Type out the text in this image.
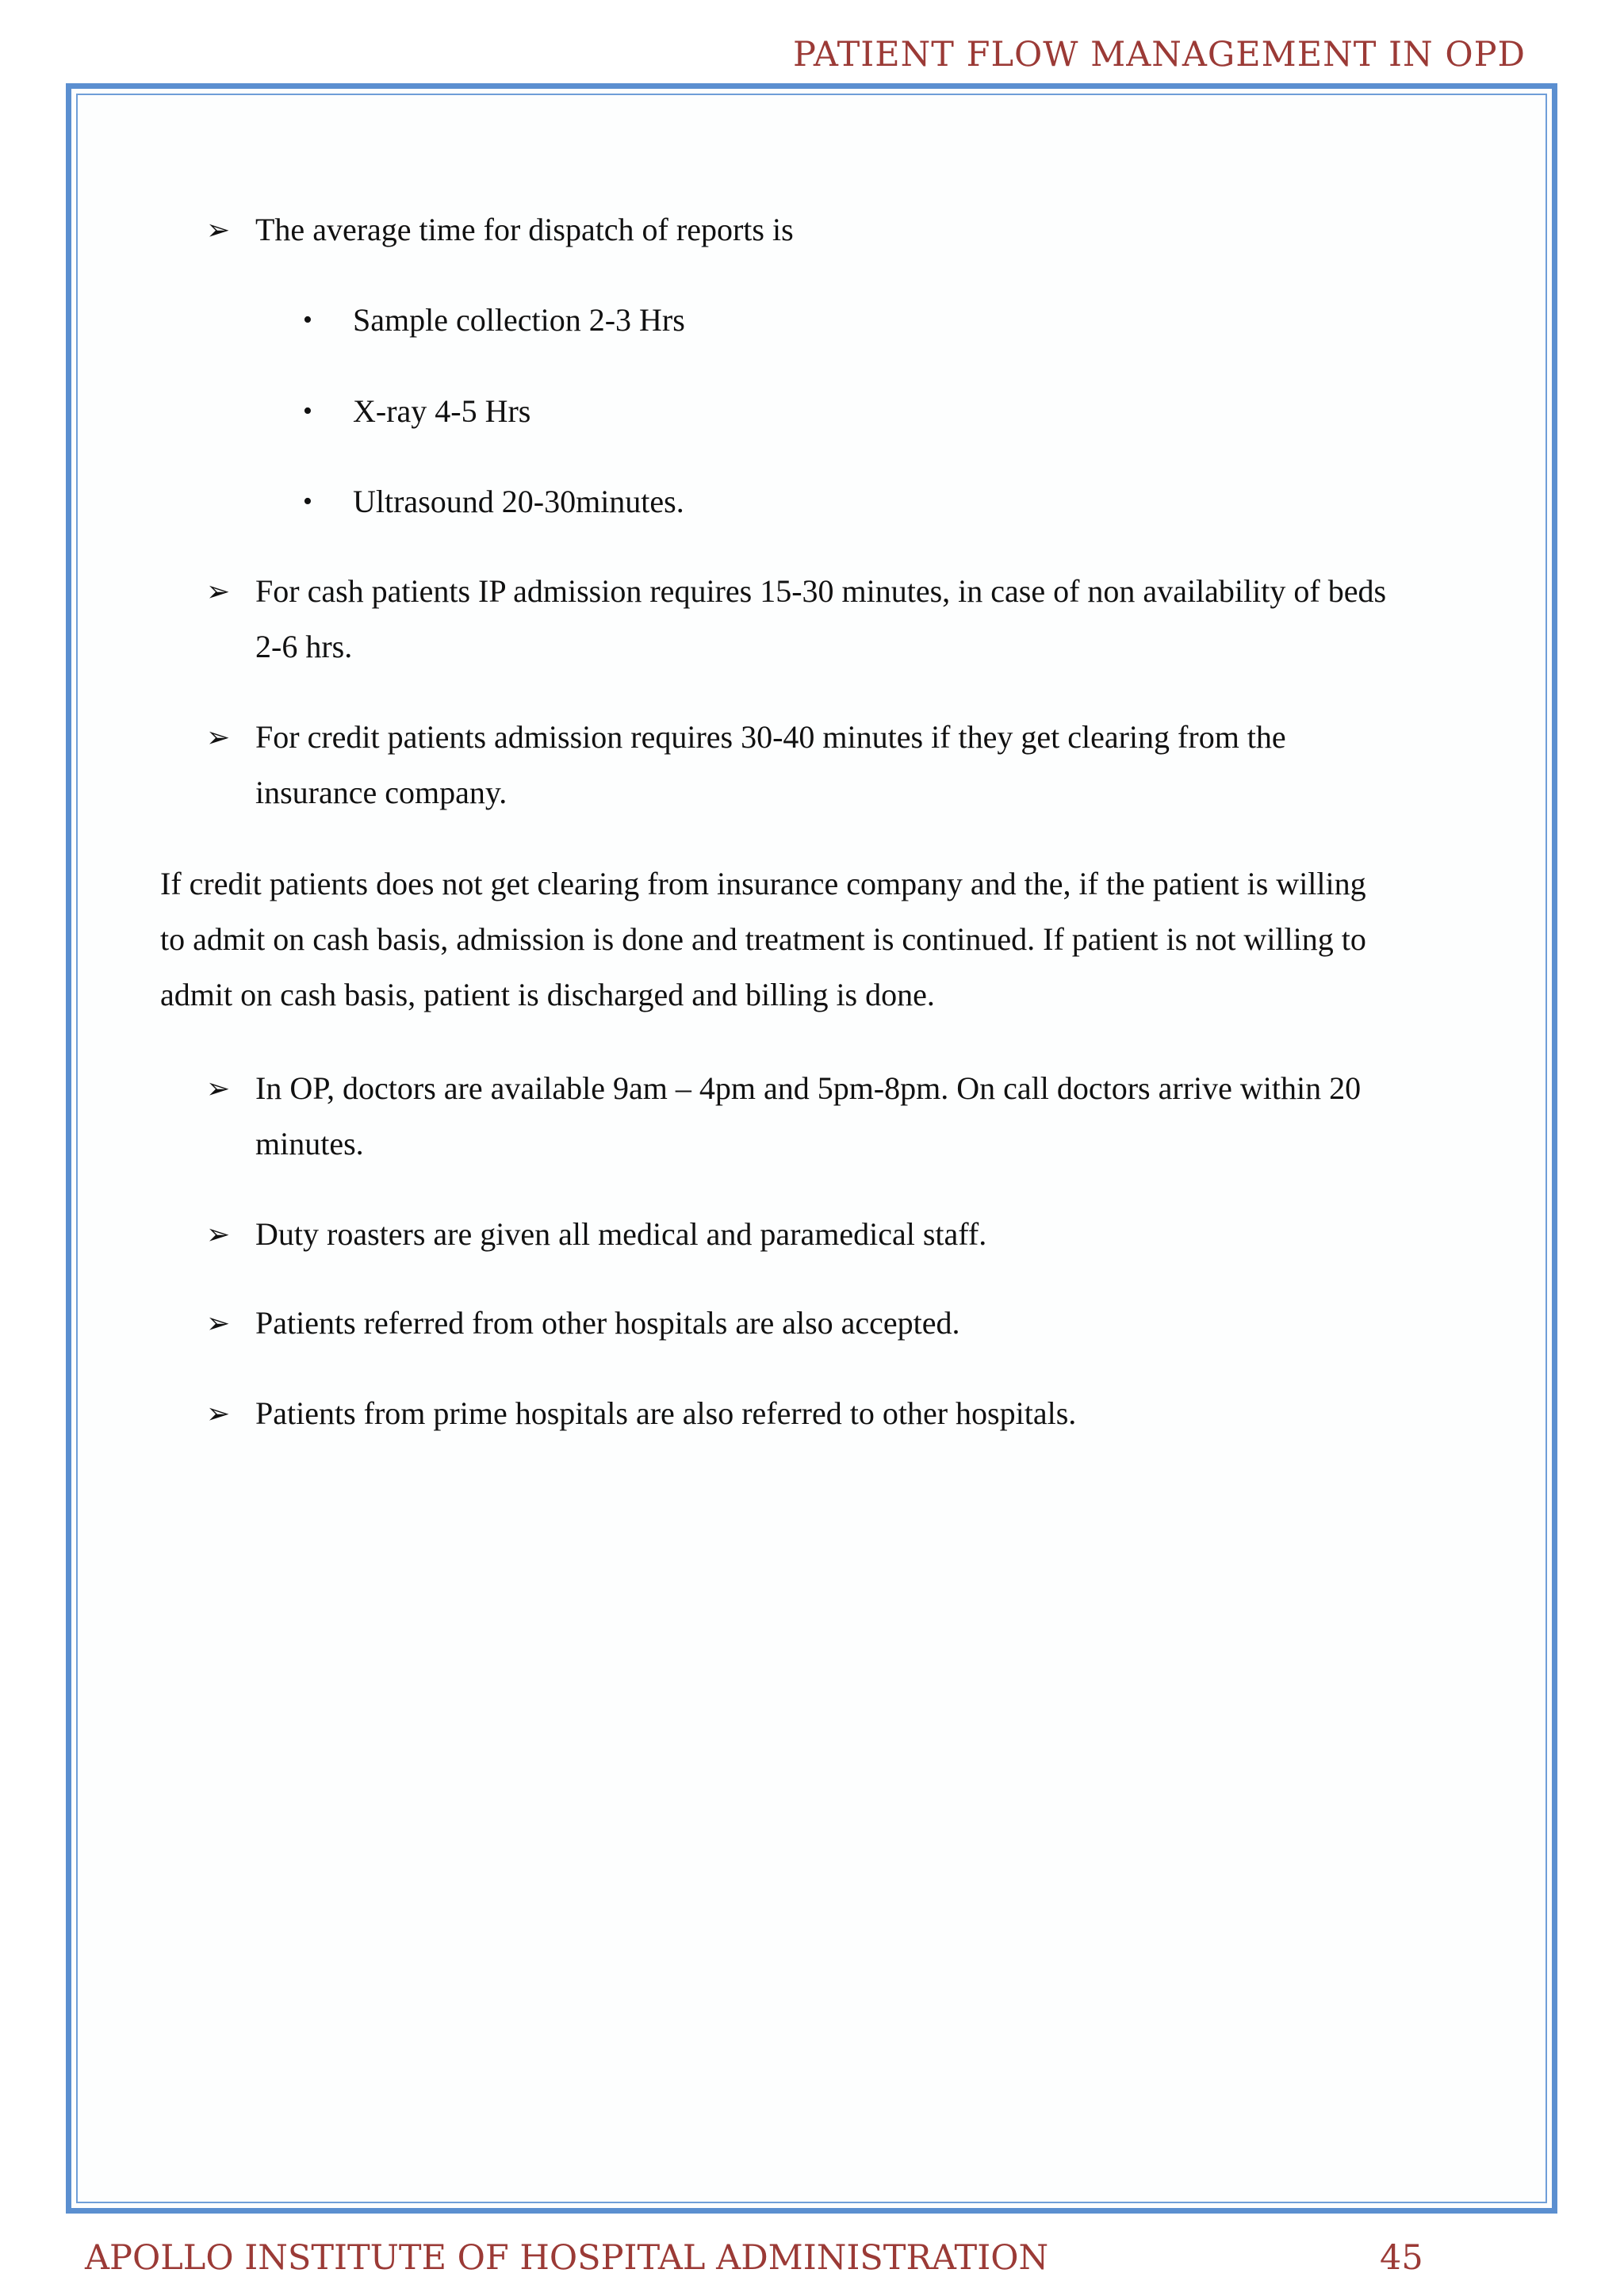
PATIENT FLOW MANAGEMENT IN OPD
➢ The average time for dispatch of reports is
•	Sample collection 2-3 Hrs
•	X-ray 4-5 Hrs
•	Ultrasound 20-30minutes.
➢ For cash patients IP admission requires 15-30 minutes, in case of non availability of beds
2-6 hrs.
➢ For credit patients admission requires 30-40 minutes if they get clearing from the
insurance company.
If credit patients does not get clearing from insurance company and the, if the patient is willing
to admit on cash basis, admission is done and treatment is continued. If patient is not willing to
admit on cash basis, patient is discharged and billing is done.
➢ In OP, doctors are available 9am – 4pm and 5pm-8pm. On call doctors arrive within 20
minutes.
➢ Duty roasters are given all medical and paramedical staff.
➢ Patients referred from other hospitals are also accepted.
➢ Patients from prime hospitals are also referred to other hospitals.
APOLLO INSTITUTE OF HOSPITAL ADMINISTRATION	45
